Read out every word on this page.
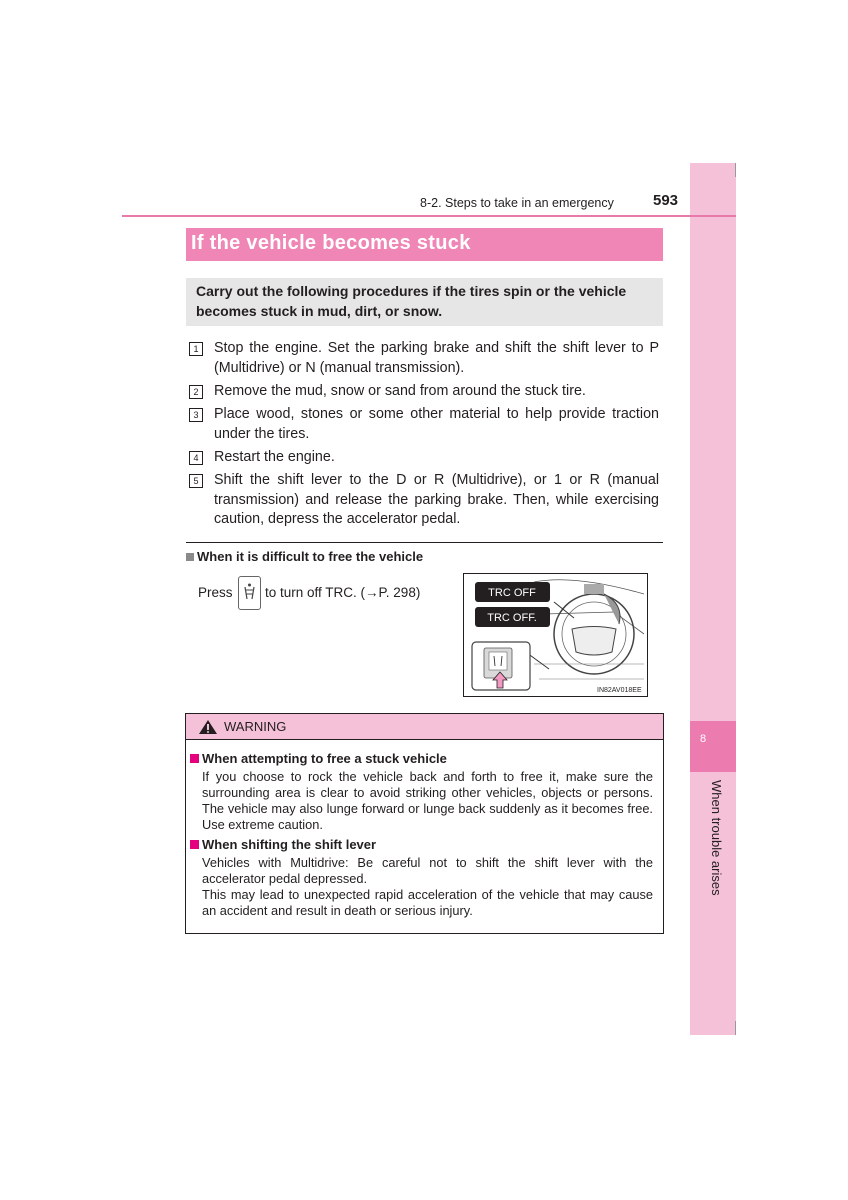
8
When trouble arises
8-2. Steps to take in an emergency	593
If the vehicle becomes stuck

Carry out the following procedures if the tires spin or the vehicle becomes stuck in mud, dirt, or snow.

1	Stop the engine. Set the parking brake and shift the shift lever to P (Multidrive) or N (manual transmission).
2	Remove the mud, snow or sand from around the stuck tire.
3	Place wood, stones or some other material to help provide traction under the tires.
4	Restart the engine.
5	Shift the shift lever to the D or R (Multidrive), or 1 or R (manual transmission) and release the parking brake. Then, while exercising caution, depress the accelerator pedal.
When it is difficult to free the vehicle
Press to turn off TRC. (→P. 298)	TRC OFF
TRC OFF.
IN82AV018EE
WARNING
When attempting to free a stuck vehicle

If you choose to rock the vehicle back and forth to free it, make sure the surrounding area is clear to avoid striking other vehicles, objects or persons. The vehicle may also lunge forward or lunge back suddenly as it becomes free. Use extreme caution.

When shifting the shift lever

Vehicles with Multidrive: Be careful not to shift the shift lever with the accelerator pedal depressed.

This may lead to unexpected rapid acceleration of the vehicle that may cause an accident and result in death or serious injury.
